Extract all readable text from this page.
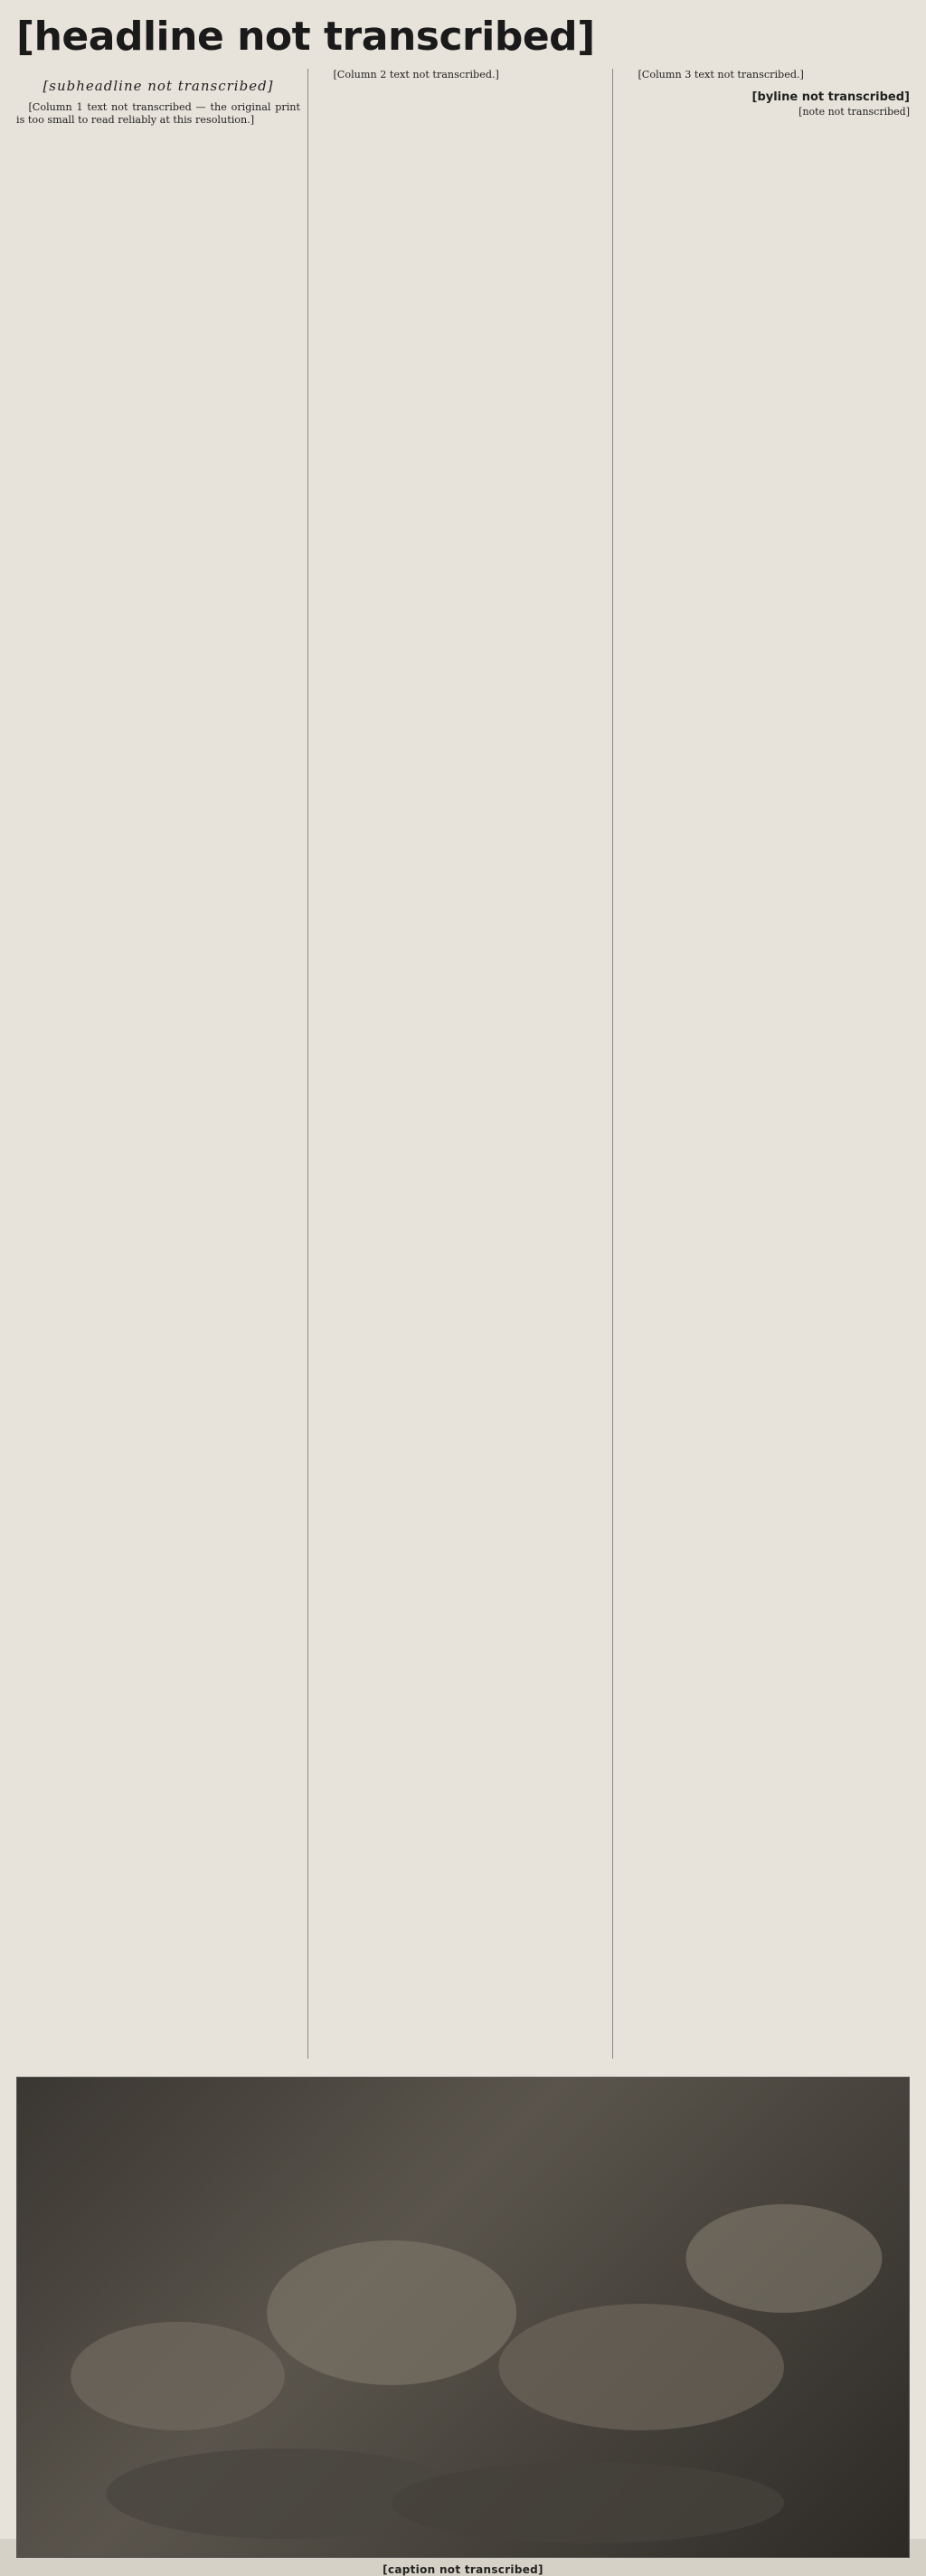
[headline not transcribed]
[subheadline not transcribed]

[Column 1 text not transcribed — the original print is too small to read reliably at this resolution.]

[Column 2 text not transcribed.]	[Column 3 text not transcribed.]

[byline not transcribed]
[note not transcribed]
[caption not transcribed]
